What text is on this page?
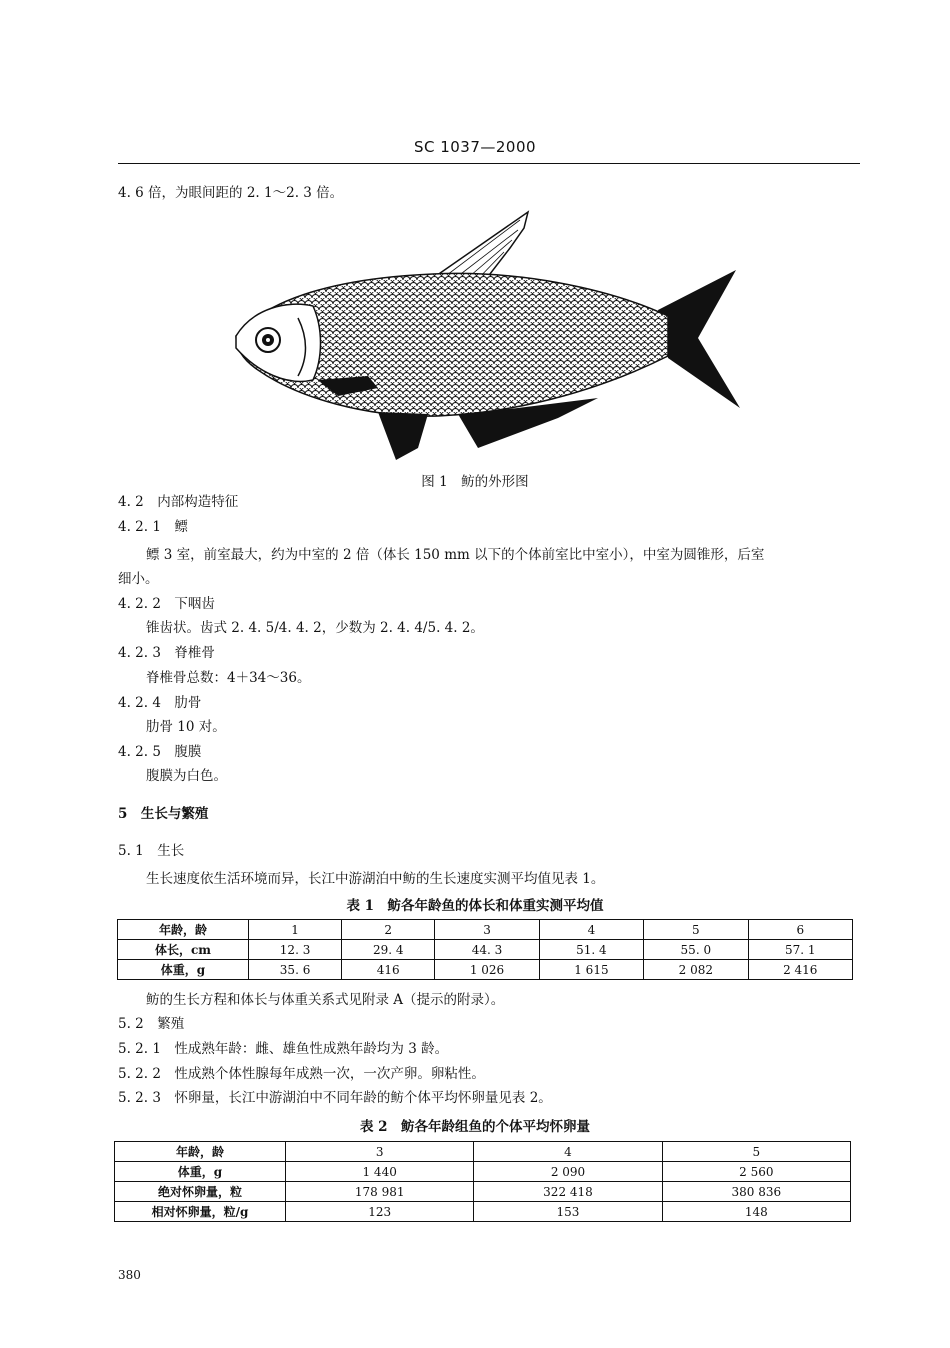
SC 1037—2000
4. 6 倍，为眼间距的 2. 1～2. 3 倍。
图 1　鲂的外形图
4. 2　内部构造特征
4. 2. 1　鳔
鳔 3 室，前室最大，约为中室的 2 倍（体长 150 mm 以下的个体前室比中室小），中室为圆锥形，后室
细小。
4. 2. 2　下咽齿
锥齿状。齿式 2. 4. 5/4. 4. 2，少数为 2. 4. 4/5. 4. 2。
4. 2. 3　脊椎骨
脊椎骨总数：4＋34～36。
4. 2. 4　肋骨
肋骨 10 对。
4. 2. 5　腹膜
腹膜为白色。
5　生长与繁殖
5. 1　生长
生长速度依生活环境而异，长江中游湖泊中鲂的生长速度实测平均值见表 1。
表 1　鲂各年龄鱼的体长和体重实测平均值
年龄，龄	1	2	3	4	5	6
体长，cm	12. 3	29. 4	44. 3	51. 4	55. 0	57. 1
体重，g	35. 6	416	1 026	1 615	2 082	2 416
鲂的生长方程和体长与体重关系式见附录 A（提示的附录）。
5. 2　繁殖
5. 2. 1　性成熟年龄：雌、雄鱼性成熟年龄均为 3 龄。
5. 2. 2　性成熟个体性腺每年成熟一次，一次产卵。卵粘性。
5. 2. 3　怀卵量，长江中游湖泊中不同年龄的鲂个体平均怀卵量见表 2。
表 2　鲂各年龄组鱼的个体平均怀卵量
年龄，龄	3	4	5
体重，g	1 440	2 090	2 560
绝对怀卵量，粒	178 981	322 418	380 836
相对怀卵量，粒/g	123	153	148
380
